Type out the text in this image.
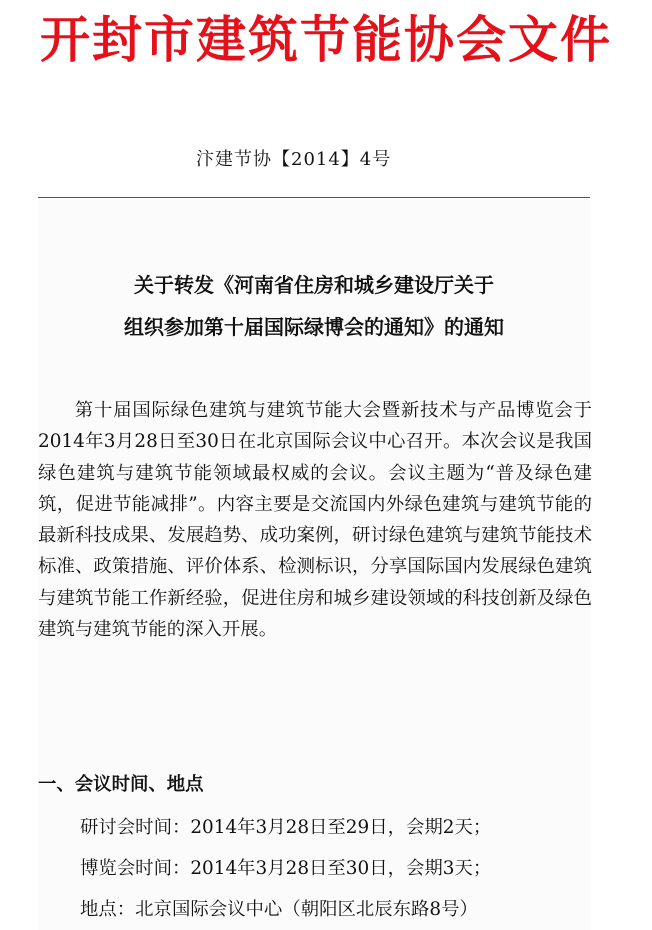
开封市建筑节能协会文件
汴建节协【2014】4号
关于转发《河南省住房和城乡建设厅关于
组织参加第十届国际绿博会的通知》的通知

第十届国际绿色建筑与建筑节能大会暨新技术与产品博览会于2014年3月28日至30日在北京国际会议中心召开。本次会议是我国绿色建筑与建筑节能领域最权威的会议。会议主题为“普及绿色建筑，促进节能减排”。内容主要是交流国内外绿色建筑与建筑节能的最新科技成果、发展趋势、成功案例，研讨绿色建筑与建筑节能技术标准、政策措施、评价体系、检测标识，分享国际国内发展绿色建筑与建筑节能工作新经验，促进住房和城乡建设领域的科技创新及绿色建筑与建筑节能的深入开展。

一、会议时间、地点
研讨会时间：2014年3月28日至29日，会期2天；
博览会时间：2014年3月28日至30日，会期3天；
地点：北京国际会议中心（朝阳区北辰东路8号）
